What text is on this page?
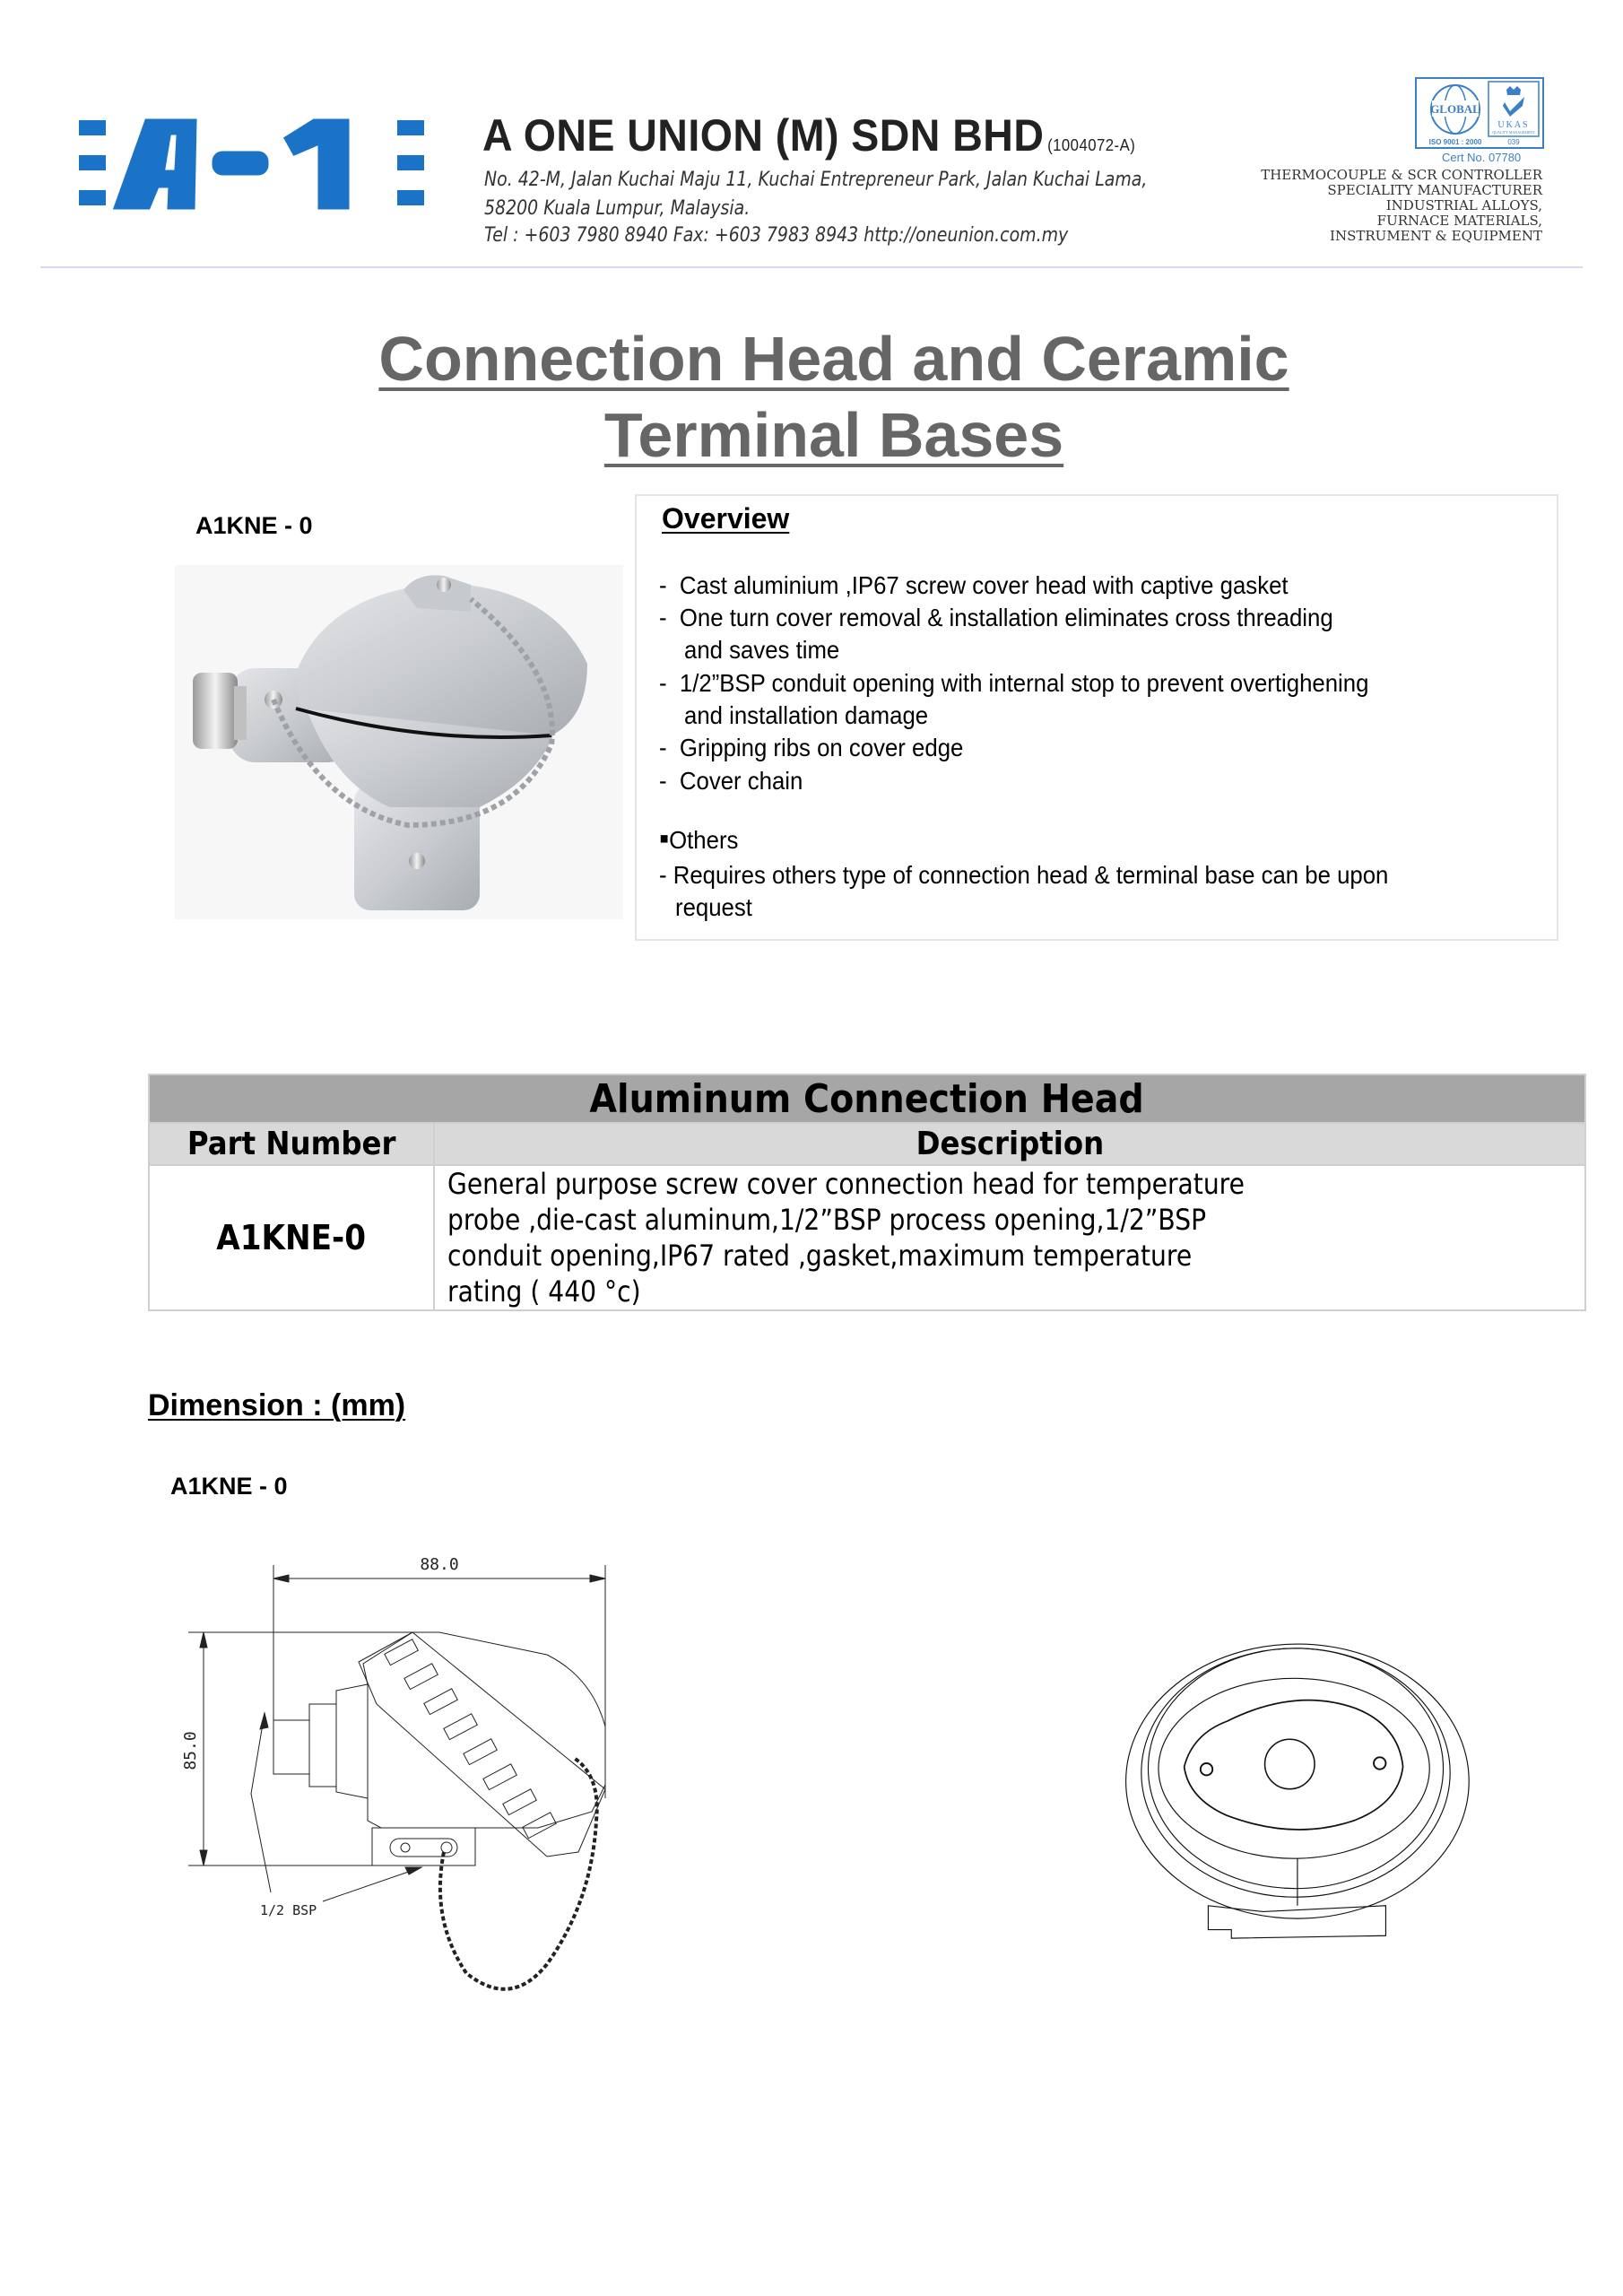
A ONE UNION (M) SDN BHD (1004072-A)
No. 42-M, Jalan Kuchai Maju 11, Kuchai Entrepreneur Park, Jalan Kuchai Lama,
58200 Kuala Lumpur, Malaysia.
Tel : +603 7980 8940 Fax: +603 7983 8943 http://oneunion.com.my
GLOBAL
ISO 9001 : 2000
UKAS
QUALITY MANAGEMENT
039
Cert No. 07780
THERMOCOUPLE & SCR CONTROLLER
SPECIALITY MANUFACTURER
INDUSTRIAL ALLOYS,
FURNACE MATERIALS,
INSTRUMENT & EQUIPMENT
Connection Head and Ceramic
Terminal Bases
A1KNE - 0	Overview
- Cast aluminium ,IP67 screw cover head with captive gasket
- One turn cover removal & installation eliminates cross threading
and saves time
- 1/2”BSP conduit opening with internal stop to prevent overtighening
and installation damage
- Gripping ribs on cover edge
- Cover chain
▪Others
- Requires others type of connection head & terminal base can be upon
request
Aluminum Connection Head	
Part Number	Description
A1KNE-0	General purpose screw cover connection head for temperature
probe ,die-cast aluminum,1/2”BSP process opening,1/2”BSP
conduit opening,IP67 rated ,gasket,maximum temperature
rating ( 440 °c)
Dimension : (mm)
A1KNE - 0
88.0
85.0
1/2 BSP
